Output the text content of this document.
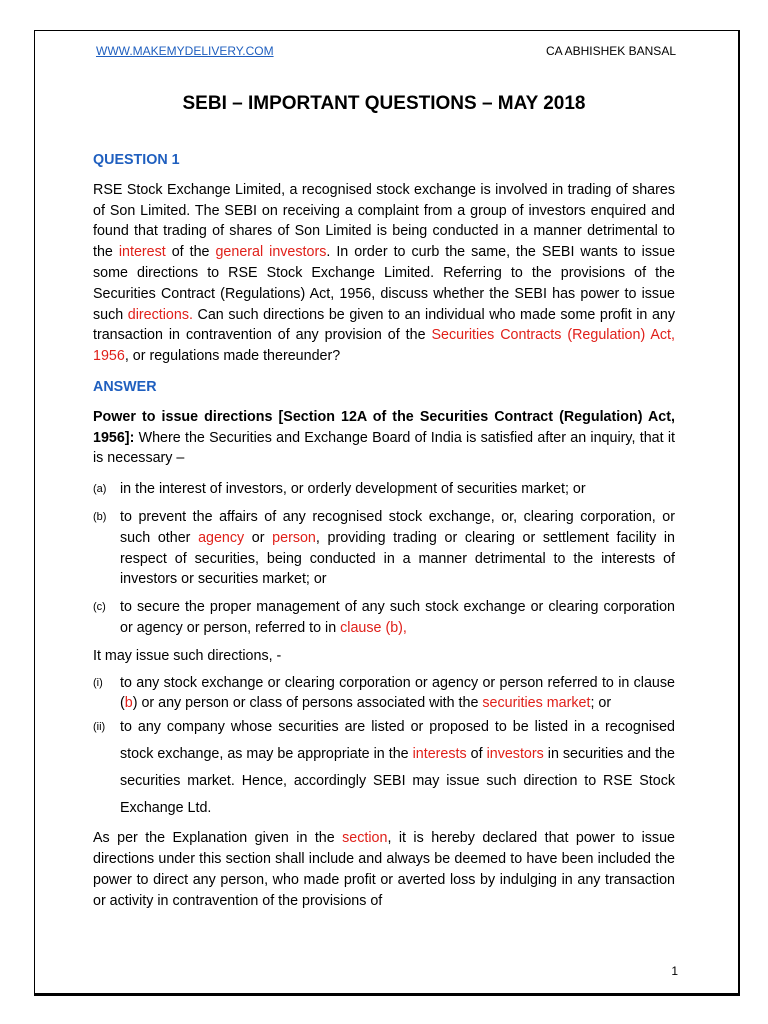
WWW.MAKEMYDELIVERY.COM	CA ABHISHEK BANSAL
SEBI – IMPORTANT QUESTIONS – MAY 2018
QUESTION 1

RSE Stock Exchange Limited, a recognised stock exchange is involved in trading of shares of Son Limited. The SEBI on receiving a complaint from a group of investors enquired and found that trading of shares of Son Limited is being conducted in a manner detrimental to the interest of the general investors. In order to curb the same, the SEBI wants to issue some directions to RSE Stock Exchange Limited. Referring to the provisions of the Securities Contract (Regulations) Act, 1956, discuss whether the SEBI has power to issue such directions. Can such directions be given to an individual who made some profit in any transaction in contravention of any provision of the Securities Contracts (Regulation) Act, 1956, or regulations made thereunder?

ANSWER

Power to issue directions [Section 12A of the Securities Contract (Regulation) Act, 1956]: Where the Securities and Exchange Board of India is satisfied after an inquiry, that it is necessary –

(a) in the interest of investors, or orderly development of securities market; or
(b) to prevent the affairs of any recognised stock exchange, or, clearing corporation, or such other agency or person, providing trading or clearing or settlement facility in respect of securities, being conducted in a manner detrimental to the interests of investors or securities market; or
(c) to secure the proper management of any such stock exchange or clearing corporation or agency or person, referred to in clause (b),

It may issue such directions, -

(i)	to any stock exchange or clearing corporation or agency or person referred to in clause (b) or any person or class of persons associated with the securities market; or
(ii)	to any company whose securities are listed or proposed to be listed in a recognised stock exchange, as may be appropriate in the interests of investors in securities and the securities market. Hence, accordingly SEBI may issue such direction to RSE Stock Exchange Ltd.

As per the Explanation given in the section, it is hereby declared that power to issue directions under this section shall include and always be deemed to have been included the power to direct any person, who made profit or averted loss by indulging in any transaction or activity in contravention of the provisions of

1
